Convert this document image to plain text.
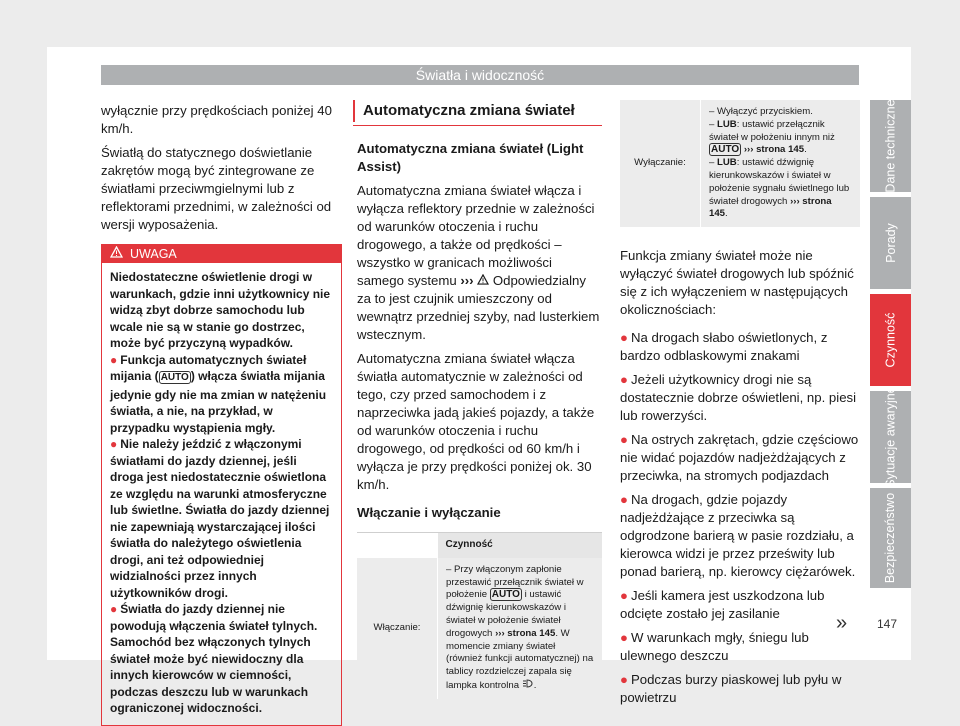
Światła i widoczność

wyłącznie przy prędkościach poniżej 40 km/h.

Światłą do statycznego doświetlanie zakrętów mogą być zintegrowane ze światłami przeciwmgielnymi lub z reflektorami przednimi, w zależności od wersji wyposażenia.

UWAGA

Niedostateczne oświetlenie drogi w warunkach, gdzie inni użytkownicy nie widzą zbyt dobrze samochodu lub wcale nie są w stanie go dostrzec, może być przyczyną wypadków.

● Funkcja automatycznych świateł mijania ( AUTO ) włącza światła mijania jedynie gdy nie ma zmian w natężeniu światła, a nie, na przykład, w przypadku wystąpienia mgły.

● Nie należy jeździć z włączonymi światłami do jazdy dziennej, jeśli droga jest niedostatecznie oświetlona ze względu na warunki atmosferyczne lub świetlne. Światła do jazdy dziennej nie zapewniają wystarczającej ilości światła do należytego oświetlenia drogi, ani też odpowiedniej widzialności przez innych użytkowników drogi.

● Światła do jazdy dziennej nie powodują włączenia świateł tylnych. Samochód bez włączonych tylnych świateł może być niewidoczny dla innych kierowców w ciemności, podczas deszczu lub w warunkach ograniczonej widoczności.

Automatyczna zmiana świateł

Automatyczna zmiana świateł (Light Assist)

Automatyczna zmiana świateł włącza i wyłącza reflektory przednie w zależności od warunków otoczenia i ruchu drogowego, a także od prędkości – wszystko w granicach możliwości samego systemu ›››  Odpowiedzialny za to jest czujnik umieszczony od wewnątrz przedniej szyby, nad lusterkiem wstecznym.

Automatyczna zmiana świateł włącza światła automatycznie w zależności od tego, czy przed samochodem i z naprzeciwka jadą jakieś pojazdy, a także od warunków otoczenia i ruchu drogowego, od prędkości od 60 km/h i wyłącza je przy prędkości poniżej ok. 30 km/h.

Włączanie i wyłączanie

	Czynność
Włączanie:	– Przy włączonym zapłonie przestawić przełącznik świateł w położenie AUTO i ustawić dźwignię kierunkowskazów i świateł w położenie świateł drogowych ››› strona 145. W momencie zmiany świateł (również funkcji automatycznej) na tablicy rozdzielczej zapala się lampka kontrolna .
Wyłączanie:	
– Wyłączyć przyciskiem.
– LUB: ustawić przełącznik świateł w położeniu innym niż AUTO ››› strona 145.
– LUB: ustawić dźwignię kierunkowskazów i świateł w położenie sygnału świetlnego lub świateł drogowych ››› strona 145.

Funkcja zmiany świateł może nie wyłączyć świateł drogowych lub spóźnić się z ich wyłączeniem w następujących okolicznościach:

● Na drogach słabo oświetlonych, z bardzo odblaskowymi znakami

● Jeżeli użytkownicy drogi nie są dostatecznie dobrze oświetleni, np. piesi lub rowerzyści.

● Na ostrych zakrętach, gdzie częściowo nie widać pojazdów nadjeżdżających z przeciwka, na stromych podjazdach

● Na drogach, gdzie pojazdy nadjeżdżające z przeciwka są odgrodzone barierą w pasie rozdziału, a kierowca widzi je przez prześwity lub ponad barierą, np. kierowcy ciężarówek.

● Jeśli kamera jest uszkodzona lub odcięte zostało jej zasilanie

● W warunkach mgły, śniegu lub ulewnego deszczu

● Podczas burzy piaskowej lub pyłu w powietrzu

» 147
Dane techniczne
Porady
Czynność
Sytuacje awaryjne
Bezpieczeństwo
